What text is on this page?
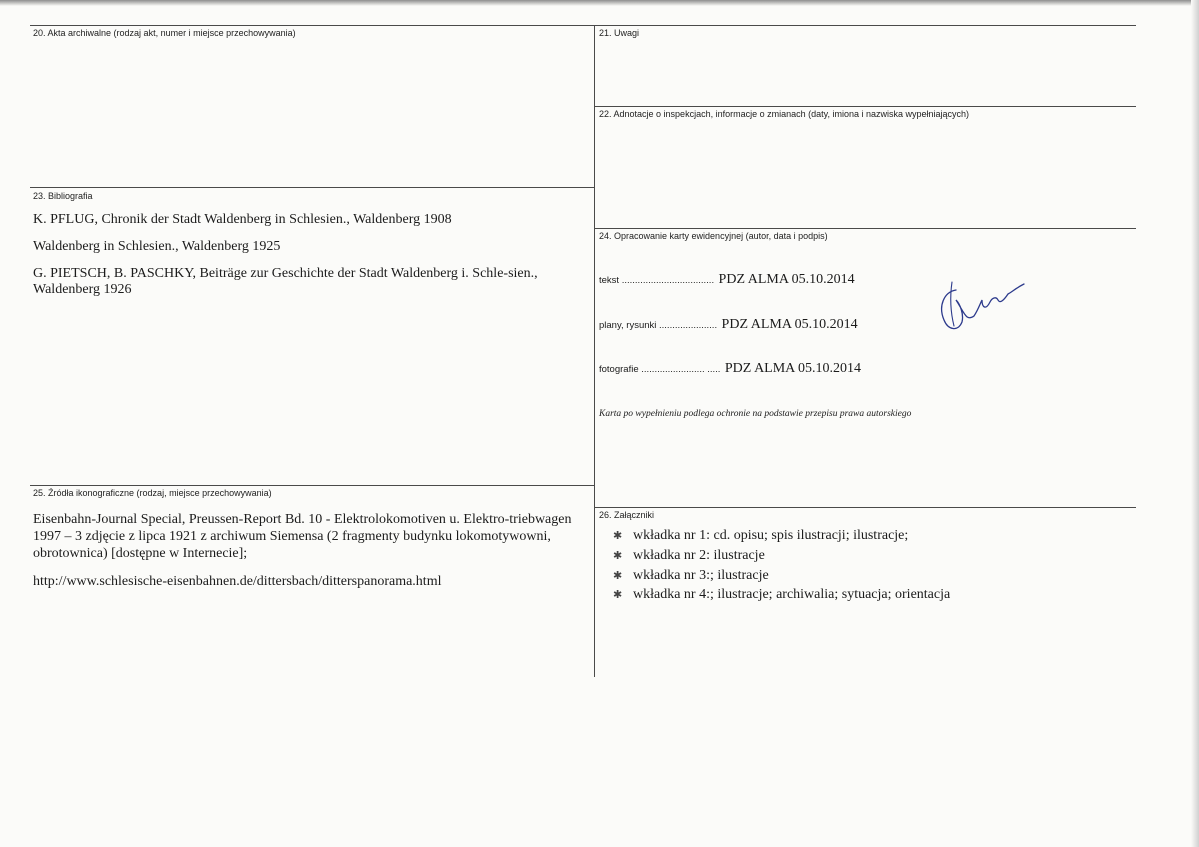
20. Akta archiwalne (rodzaj akt, numer i miejsce przechowywania)	21. Uwagi
22. Adnotacje o inspekcjach, informacje o zmianach (daty, imiona i nazwiska wypełniających)
23. Bibliografia
24. Opracowanie karty ewidencyjnej (autor, data i podpis)
25. Źródła ikonograficzne (rodzaj, miejsce przechowywania)
26. Załączniki
K. PFLUG, Chronik der Stadt Waldenberg in Schlesien., Waldenberg 1908
Waldenberg in Schlesien., Waldenberg 1925
G. PIETSCH, B. PASCHKY, Beiträge zur Geschichte der Stadt Waldenberg i. Schle-sien., Waldenberg 1926
tekst ................................... PDZ ALMA 05.10.2014
plany, rysunki ...................... PDZ ALMA 05.10.2014
fotografie ........................ ..... PDZ ALMA 05.10.2014
Karta po wypełnieniu podlega ochronie na podstawie przepisu prawa autorskiego
Eisenbahn-Journal Special, Preussen-Report Bd. 10 - Elektrolokomotiven u. Elektro-triebwagen 1997 – 3 zdjęcie z lipca 1921 z archiwum Siemensa (2 fragmenty budynku lokomotywowni, obrotownica) [dostępne w Internecie];
http://www.schlesische-eisenbahnen.de/dittersbach/ditterspanorama.html
✱ wkładka nr 1: cd. opisu; spis ilustracji; ilustracje;
✱ wkładka nr 2: ilustracje
✱ wkładka nr 3:; ilustracje
✱ wkładka nr 4:; ilustracje; archiwalia; sytuacja; orientacja
